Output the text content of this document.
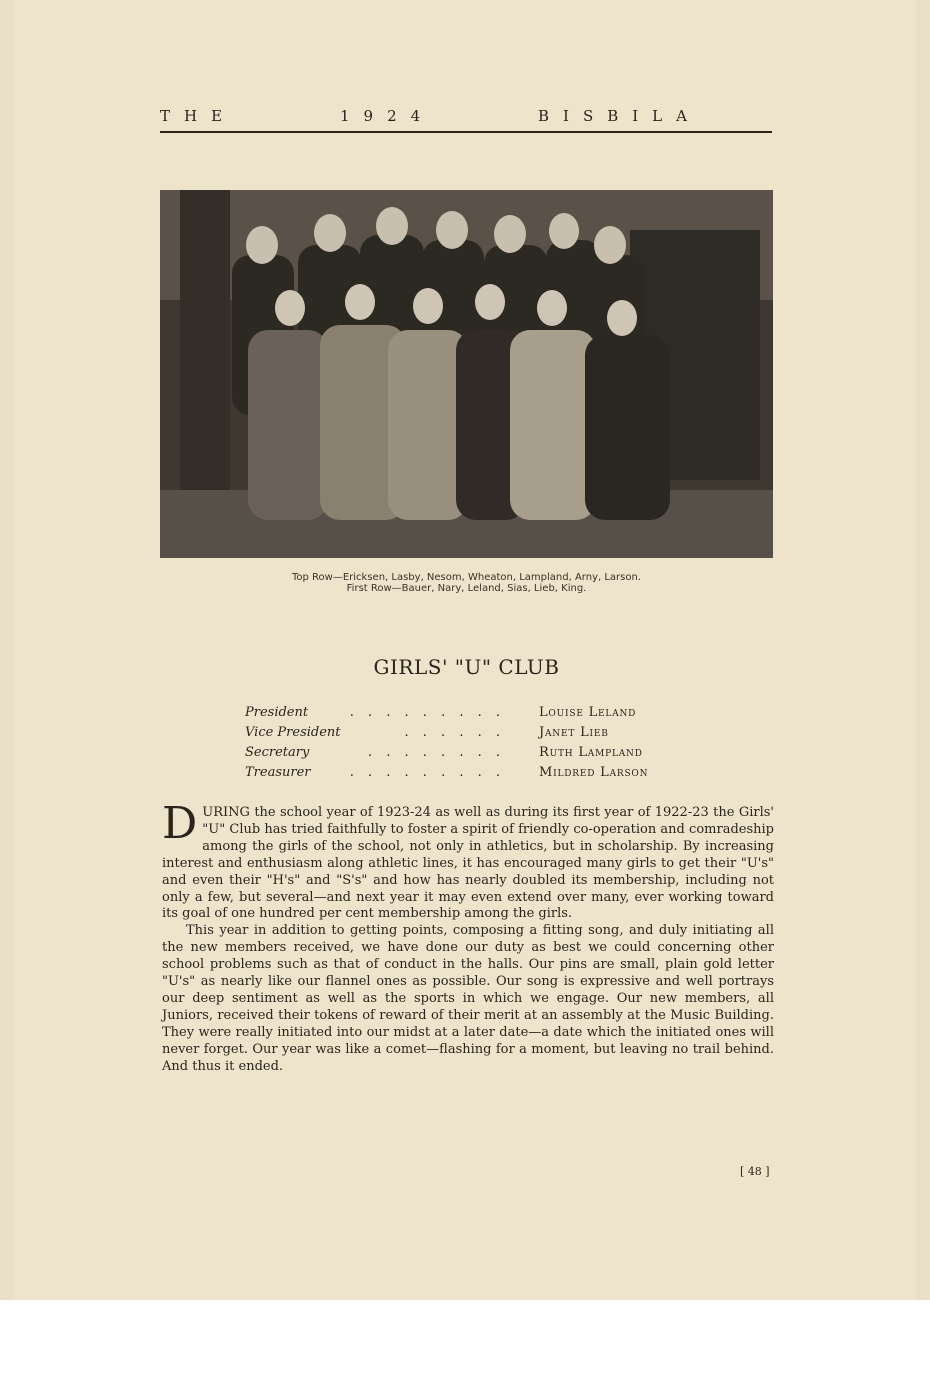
THE	1924	BISBILA
Top Row—Ericksen, Lasby, Nesom, Wheaton, Lampland, Arny, Larson.
First Row—Bauer, Nary, Leland, Sias, Lieb, King.
GIRLS' "U" CLUB
President	. . . . . . . . .	Louise Leland
Vice President	. . . . . .	Janet Lieb
Secretary	. . . . . . . .	Ruth Lampland
Treasurer	. . . . . . . . .	Mildred Larson

DURING the school year of 1923-24 as well as during its first year of 1922-23 the Girls' "U" Club has tried faithfully to foster a spirit of friendly co-operation and comradeship among the girls of the school, not only in athletics, but in scholarship. By increasing interest and enthusiasm along athletic lines, it has encouraged many girls to get their "U's" and even their "H's" and "S's" and how has nearly doubled its membership, including not only a few, but several—and next year it may even extend over many, ever working toward its goal of one hundred per cent membership among the girls.

This year in addition to getting points, composing a fitting song, and duly initiating all the new members received, we have done our duty as best we could concerning other school problems such as that of conduct in the halls. Our pins are small, plain gold letter "U's" as nearly like our flannel ones as possible. Our song is expressive and well portrays our deep sentiment as well as the sports in which we engage. Our new members, all Juniors, received their tokens of reward of their merit at an assembly at the Music Building. They were really initiated into our midst at a later date—a date which the initiated ones will never forget. Our year was like a comet—flashing for a moment, but leaving no trail behind. And thus it ended.

[ 48 ]
